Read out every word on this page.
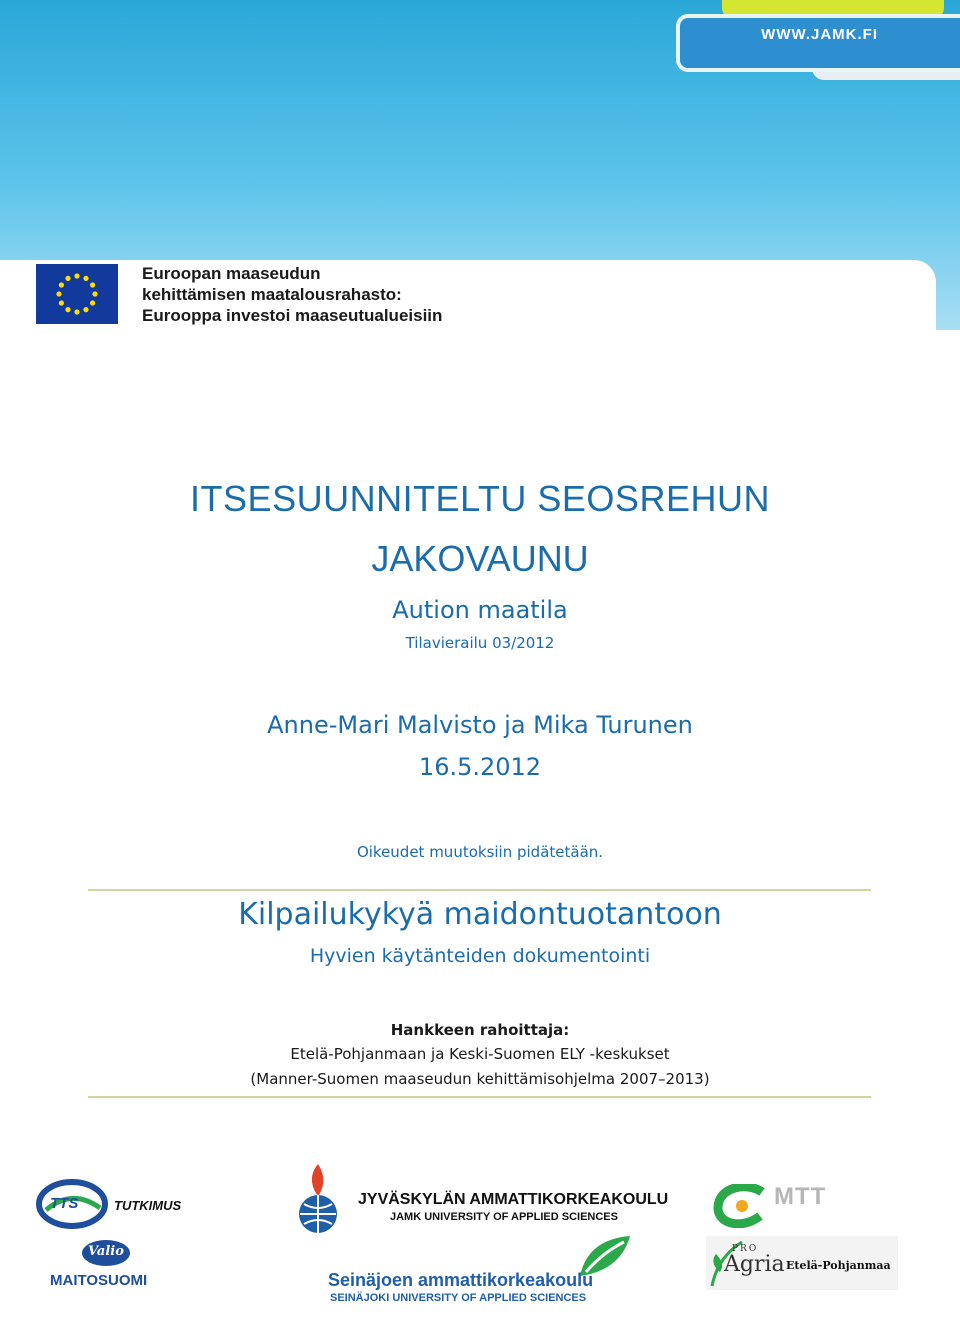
WWW.JAMK.FI
Euroopan maaseudun
kehittämisen maatalousrahasto:
Eurooppa investoi maaseutualueisiin
ITSESUUNNITELTU SEOSREHUN
JAKOVAUNU
Aution maatila
Tilavierailu 03/2012
Anne-Mari Malvisto ja Mika Turunen
16.5.2012
Oikeudet muutoksiin pidätetään.
Kilpailukykyä maidontuotantoon
Hyvien käytänteiden dokumentointi
Hankkeen rahoittaja:
Etelä-Pohjanmaan ja Keski-Suomen ELY -keskukset
(Manner-Suomen maaseudun kehittämisohjelma 2007–2013)
TTS	TUTKIMUS
Valio
MAITOSUOMI
JYVÄSKYLÄN AMMATTIKORKEAKOULU
JAMK UNIVERSITY OF APPLIED SCIENCES
Seinäjoen ammattikorkeakoulu
SEINÄJOKI UNIVERSITY OF APPLIED SCIENCES
MTT
PRO
Agria Etelä-Pohjanmaa
